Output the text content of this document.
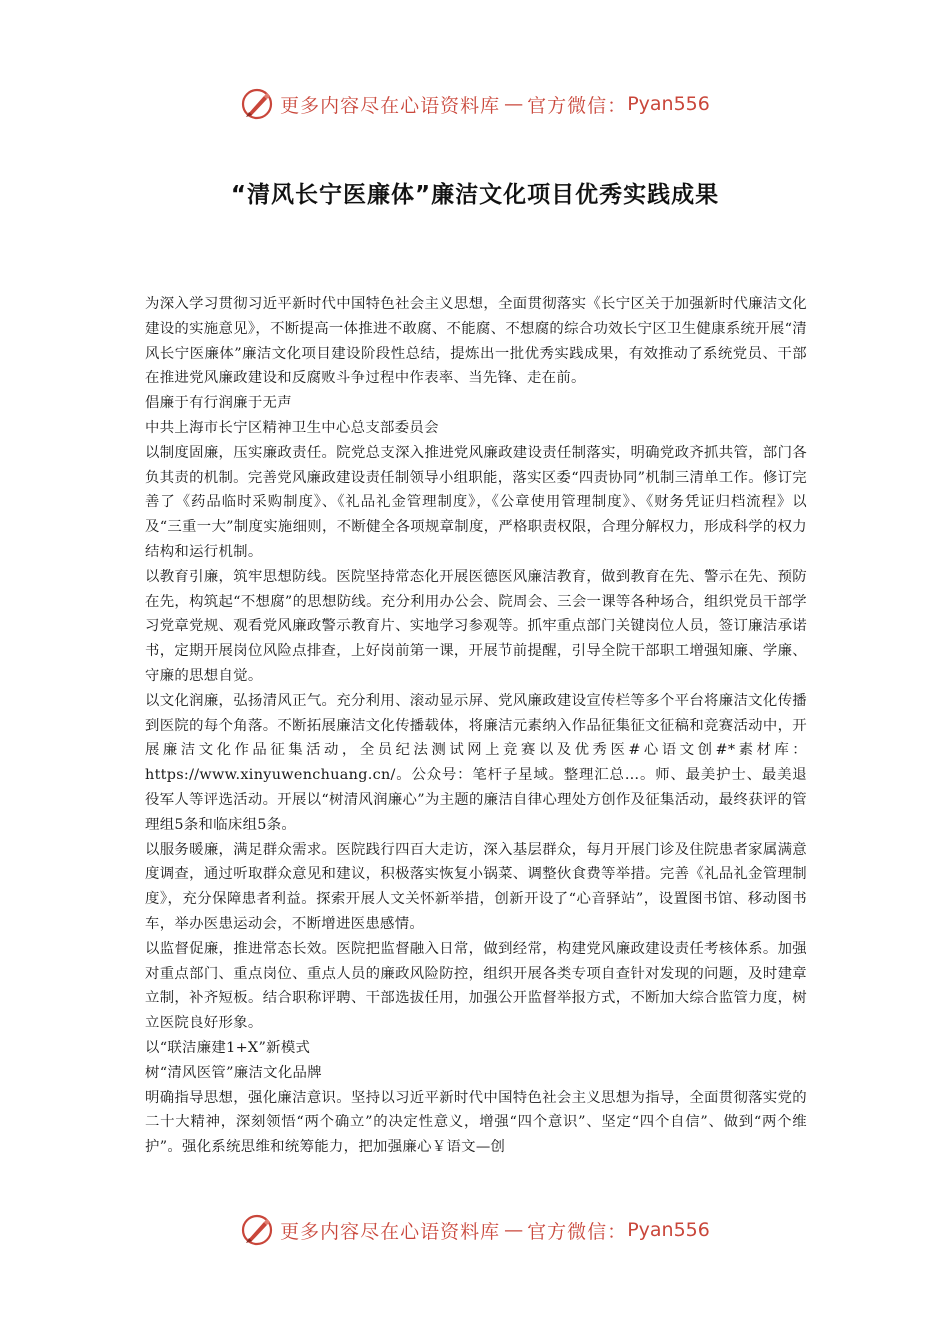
更多内容尽在心语资料库 — 官方微信： Pyan556
“清风长宁医廉体”廉洁文化项目优秀实践成果

为深入学习贯彻习近平新时代中国特色社会主义思想，全面贯彻落实《长宁区关于加强新时代廉洁文化建设的实施意见》，不断提高一体推进不敢腐、不能腐、不想腐的综合功效长宁区卫生健康系统开展“清风长宁医廉体”廉洁文化项目建设阶段性总结，提炼出一批优秀实践成果，有效推动了系统党员、干部在推进党风廉政建设和反腐败斗争过程中作表率、当先锋、走在前。

倡廉于有行润廉于无声

中共上海市长宁区精神卫生中心总支部委员会

以制度固廉，压实廉政责任。院党总支深入推进党风廉政建设责任制落实，明确党政齐抓共管，部门各负其责的机制。完善党风廉政建设责任制领导小组职能，落实区委“四责协同”机制三清单工作。修订完善了《药品临时采购制度》、《礼品礼金管理制度》，《公章使用管理制度》、《财务凭证归档流程》以及“三重一大”制度实施细则，不断健全各项规章制度，严格职责权限，合理分解权力，形成科学的权力结构和运行机制。

以教育引廉，筑牢思想防线。医院坚持常态化开展医德医风廉洁教育，做到教育在先、警示在先、预防在先，构筑起“不想腐”的思想防线。充分利用办公会、院周会、三会一课等各种场合，组织党员干部学习党章党规、观看党风廉政警示教育片、实地学习参观等。抓牢重点部门关键岗位人员，签订廉洁承诺书，定期开展岗位风险点排查，上好岗前第一课，开展节前提醒，引导全院干部职工增强知廉、学廉、守廉的思想自觉。

以文化润廉，弘扬清风正气。充分利用、滚动显示屏、党风廉政建设宣传栏等多个平台将廉洁文化传播到医院的每个角落。不断拓展廉洁文化传播载体，将廉洁元素纳入作品征集征文征稿和竞赛活动中，开展廉洁文化作品征集活动，全员纪法测试网上竞赛以及优秀医#心语文创#*素材库：https://www.xinyuwenchuang.cn/。公众号：笔杆子星域。整理汇总…。师、最美护士、最美退役军人等评选活动。开展以“树清风润廉心”为主题的廉洁自律心理处方创作及征集活动，最终获评的管理组5条和临床组5条。

以服务暖廉，满足群众需求。医院践行四百大走访，深入基层群众，每月开展门诊及住院患者家属满意度调查，通过听取群众意见和建议，积极落实恢复小锅菜、调整伙食费等举措。完善《礼品礼金管理制度》，充分保障患者利益。探索开展人文关怀新举措，创新开设了“心音驿站”，设置图书馆、移动图书车，举办医患运动会，不断增进医患感情。

以监督促廉，推进常态长效。医院把监督融入日常，做到经常，构建党风廉政建设责任考核体系。加强对重点部门、重点岗位、重点人员的廉政风险防控，组织开展各类专项自查针对发现的问题，及时建章立制，补齐短板。结合职称评聘、干部选拔任用，加强公开监督举报方式，不断加大综合监管力度，树立医院良好形象。

以“联洁廉建1+X”新模式

树“清风医管”廉洁文化品牌

明确指导思想，强化廉洁意识。坚持以习近平新时代中国特色社会主义思想为指导，全面贯彻落实党的二十大精神，深刻领悟“两个确立”的决定性意义，增强“四个意识”、坚定“四个自信”、做到“两个维护”。强化系统思维和统筹能力，把加强廉心￥语文—创

更多内容尽在心语资料库 — 官方微信： Pyan556
